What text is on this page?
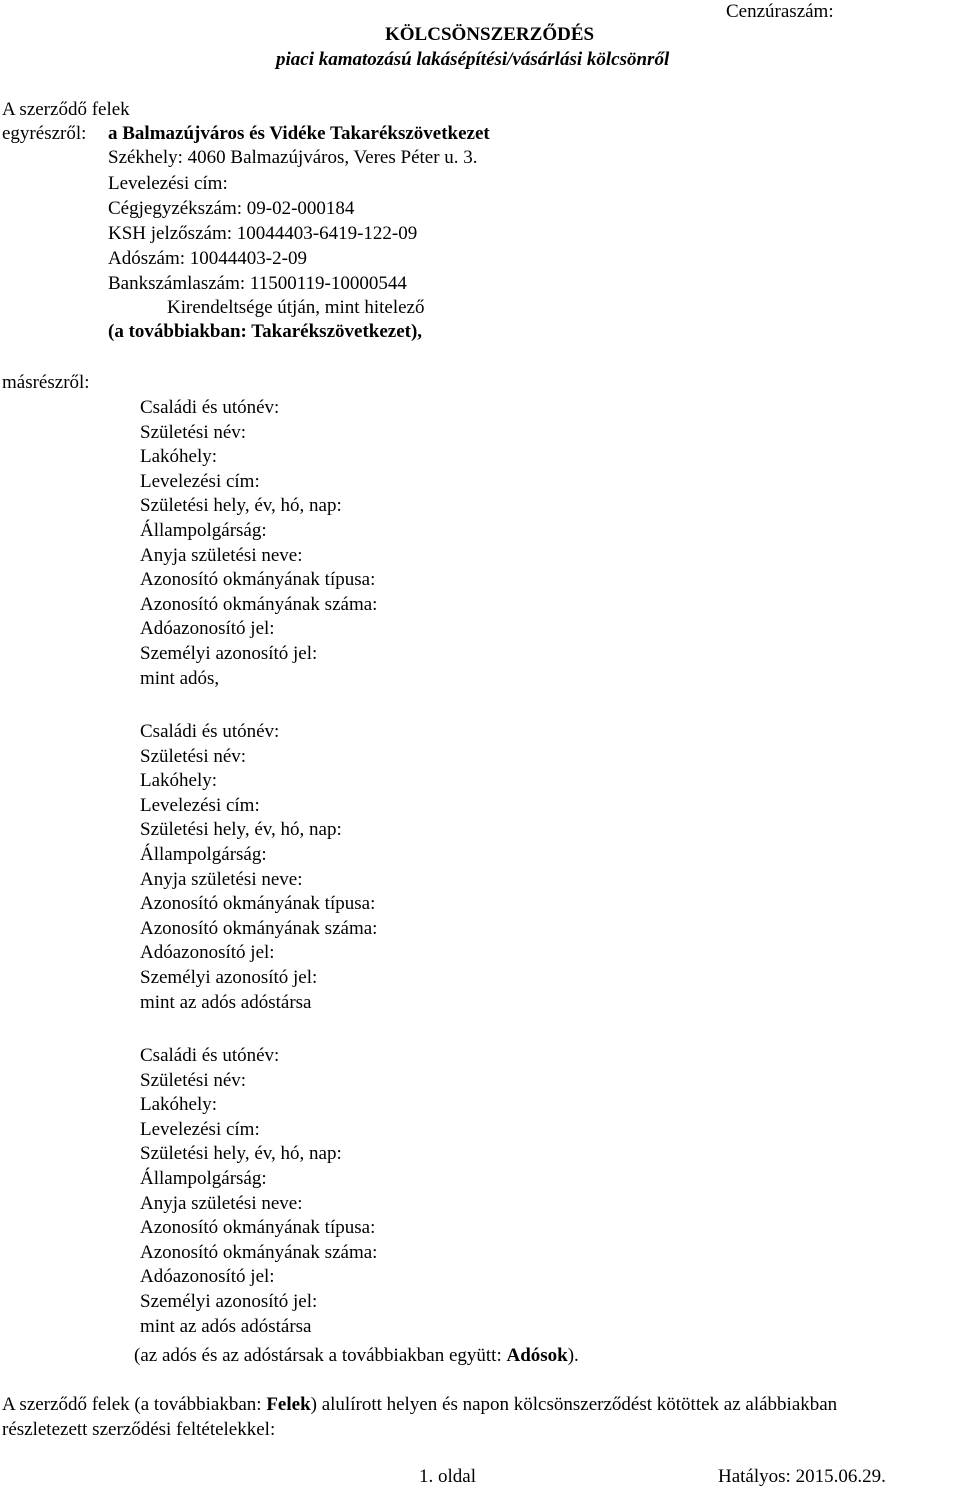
Cenzúraszám:
KÖLCSÖNSZERZŐDÉS
piaci kamatozású lakásépítési/vásárlási kölcsönről
A szerződő felek
egyrészről: a Balmazújváros és Vidéke Takarékszövetkezet
Székhely: 4060 Balmazújváros, Veres Péter u. 3.
Levelezési cím:
Cégjegyzékszám: 09-02-000184
KSH jelzőszám: 10044403-6419-122-09
Adószám: 10044403-2-09
Bankszámlaszám: 11500119-10000544
Kirendeltsége útján, mint hitelező
(a továbbiakban: Takarékszövetkezet),
másrészről:
Családi és utónév:
Születési név:
Lakóhely:
Levelezési cím:
Születési hely, év, hó, nap:
Állampolgárság:
Anyja születési neve:
Azonosító okmányának típusa:
Azonosító okmányának száma:
Adóazonosító jel:
Személyi azonosító jel:
mint adós,
Családi és utónév:
Születési név:
Lakóhely:
Levelezési cím:
Születési hely, év, hó, nap:
Állampolgárság:
Anyja születési neve:
Azonosító okmányának típusa:
Azonosító okmányának száma:
Adóazonosító jel:
Személyi azonosító jel:
mint az adós adóstársa
Családi és utónév:
Születési név:
Lakóhely:
Levelezési cím:
Születési hely, év, hó, nap:
Állampolgárság:
Anyja születési neve:
Azonosító okmányának típusa:
Azonosító okmányának száma:
Adóazonosító jel:
Személyi azonosító jel:
mint az adós adóstársa
(az adós és az adóstársak a továbbiakban együtt: Adósok).
A szerződő felek (a továbbiakban: Felek) alulírott helyen és napon kölcsönszerződést kötöttek az alábbiakban
részletezett szerződési feltételekkel:
1. oldal	Hatályos: 2015.06.29.
